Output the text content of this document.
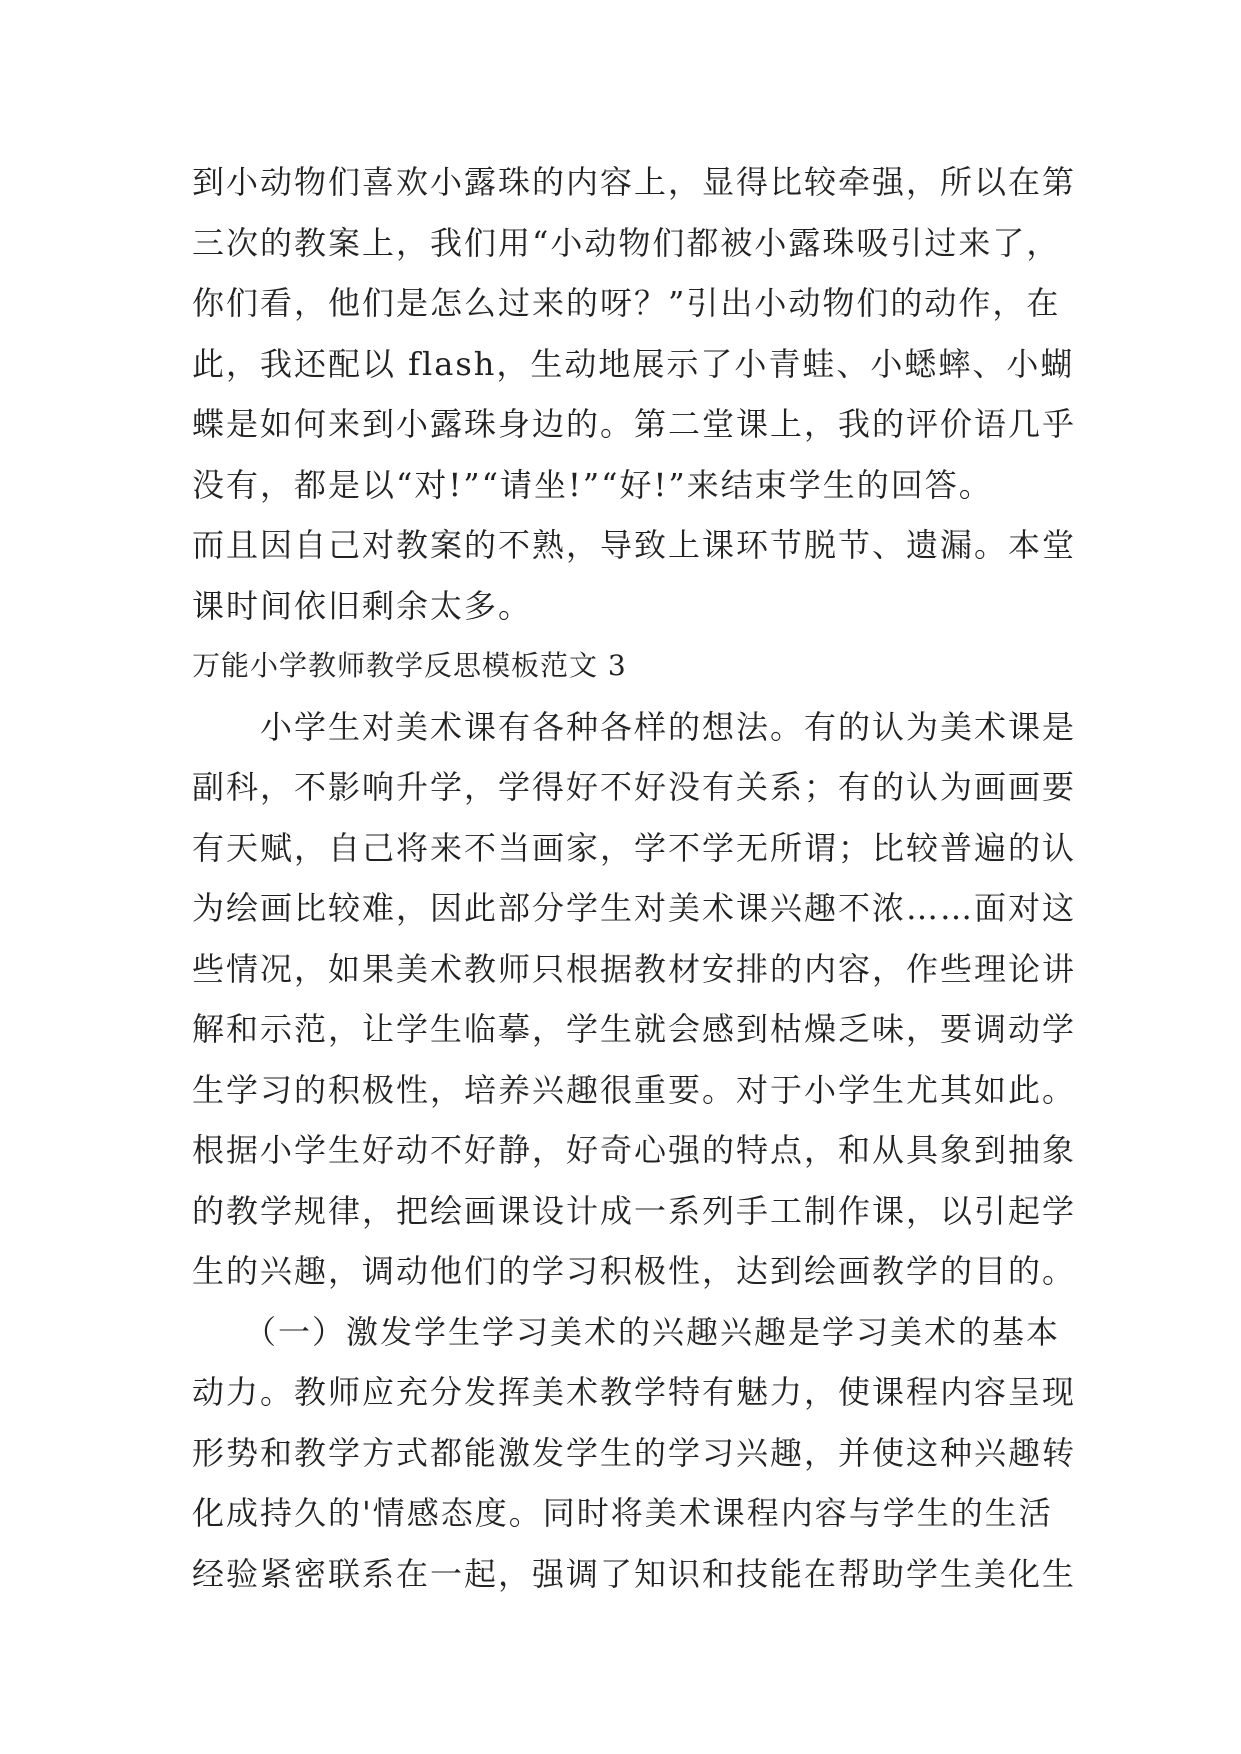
到小动物们喜欢小露珠的内容上，显得比较牵强，所以在第
三次的教案上，我们用“小动物们都被小露珠吸引过来了，
你们看，他们是怎么过来的呀？”引出小动物们的动作，在
此，我还配以 flash，生动地展示了小青蛙、小蟋蟀、小蝴
蝶是如何来到小露珠身边的。第二堂课上，我的评价语几乎
没有，都是以“对!”“请坐!”“好!”来结束学生的回答。
而且因自己对教案的不熟，导致上课环节脱节、遗漏。本堂
课时间依旧剩余太多。
万能小学教师教学反思模板范文 3
　　小学生对美术课有各种各样的想法。有的认为美术课是
副科，不影响升学，学得好不好没有关系；有的认为画画要
有天赋，自己将来不当画家，学不学无所谓；比较普遍的认
为绘画比较难，因此部分学生对美术课兴趣不浓……面对这
些情况，如果美术教师只根据教材安排的内容，作些理论讲
解和示范，让学生临摹，学生就会感到枯燥乏味，要调动学
生学习的积极性，培养兴趣很重要。对于小学生尤其如此。
根据小学生好动不好静，好奇心强的特点，和从具象到抽象
的教学规律，把绘画课设计成一系列手工制作课，以引起学
生的兴趣，调动他们的学习积极性，达到绘画教学的目的。
　　（一）激发学生学习美术的兴趣兴趣是学习美术的基本
动力。教师应充分发挥美术教学特有魅力，使课程内容呈现
形势和教学方式都能激发学生的学习兴趣，并使这种兴趣转
化成持久的'情感态度。同时将美术课程内容与学生的生活
经验紧密联系在一起，强调了知识和技能在帮助学生美化生
